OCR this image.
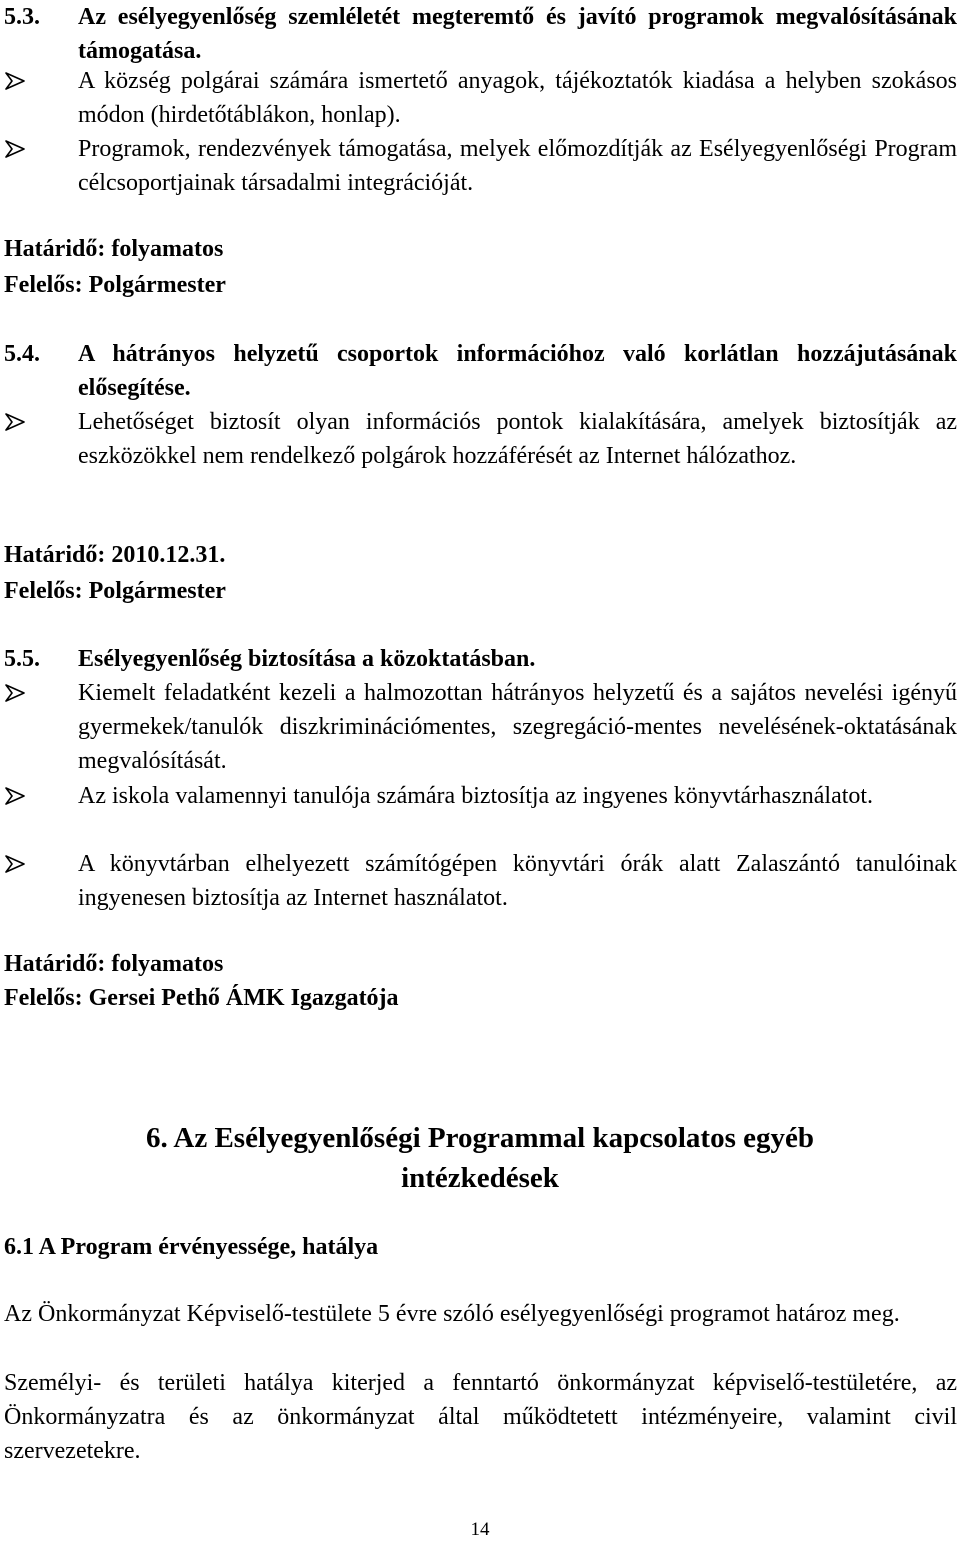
5.3.	Az esélyegyenlőség szemléletét megteremtő és javító programok megvalósításának támogatása.
A község polgárai számára ismertető anyagok, tájékoztatók kiadása a helyben szokásos módon (hirdetőtáblákon, honlap).
Programok, rendezvények támogatása, melyek előmozdítják az Esélyegyenlőségi Program célcsoportjainak társadalmi integrációját.
Határidő: folyamatos
Felelős: Polgármester
5.4.	A hátrányos helyzetű csoportok információhoz való korlátlan hozzájutásának elősegítése.
Lehetőséget biztosít olyan információs pontok kialakítására, amelyek biztosítják az eszközökkel nem rendelkező polgárok hozzáférését az Internet hálózathoz.
Határidő: 2010.12.31.
Felelős: Polgármester
5.5.	Esélyegyenlőség biztosítása a közoktatásban.
Kiemelt feladatként kezeli a halmozottan hátrányos helyzetű és a sajátos nevelési igényű gyermekek/tanulók diszkriminációmentes, szegregáció-mentes nevelésének-oktatásának megvalósítását.
Az iskola valamennyi tanulója számára biztosítja az ingyenes könyvtárhasználatot.
A könyvtárban elhelyezett számítógépen könyvtári órák alatt Zalaszántó tanulóinak ingyenesen biztosítja az Internet használatot.
Határidő: folyamatos
Felelős: Gersei Pethő ÁMK Igazgatója
6. Az Esélyegyenlőségi Programmal kapcsolatos egyéb
intézkedések
6.1 A Program érvényessége, hatálya
Az Önkormányzat Képviselő-testülete 5 évre szóló esélyegyenlőségi programot határoz meg.
Személyi- és területi hatálya kiterjed a fenntartó önkormányzat képviselő-testületére, az Önkormányzatra és az önkormányzat által működtetett intézményeire, valamint civil szervezetekre.
14
